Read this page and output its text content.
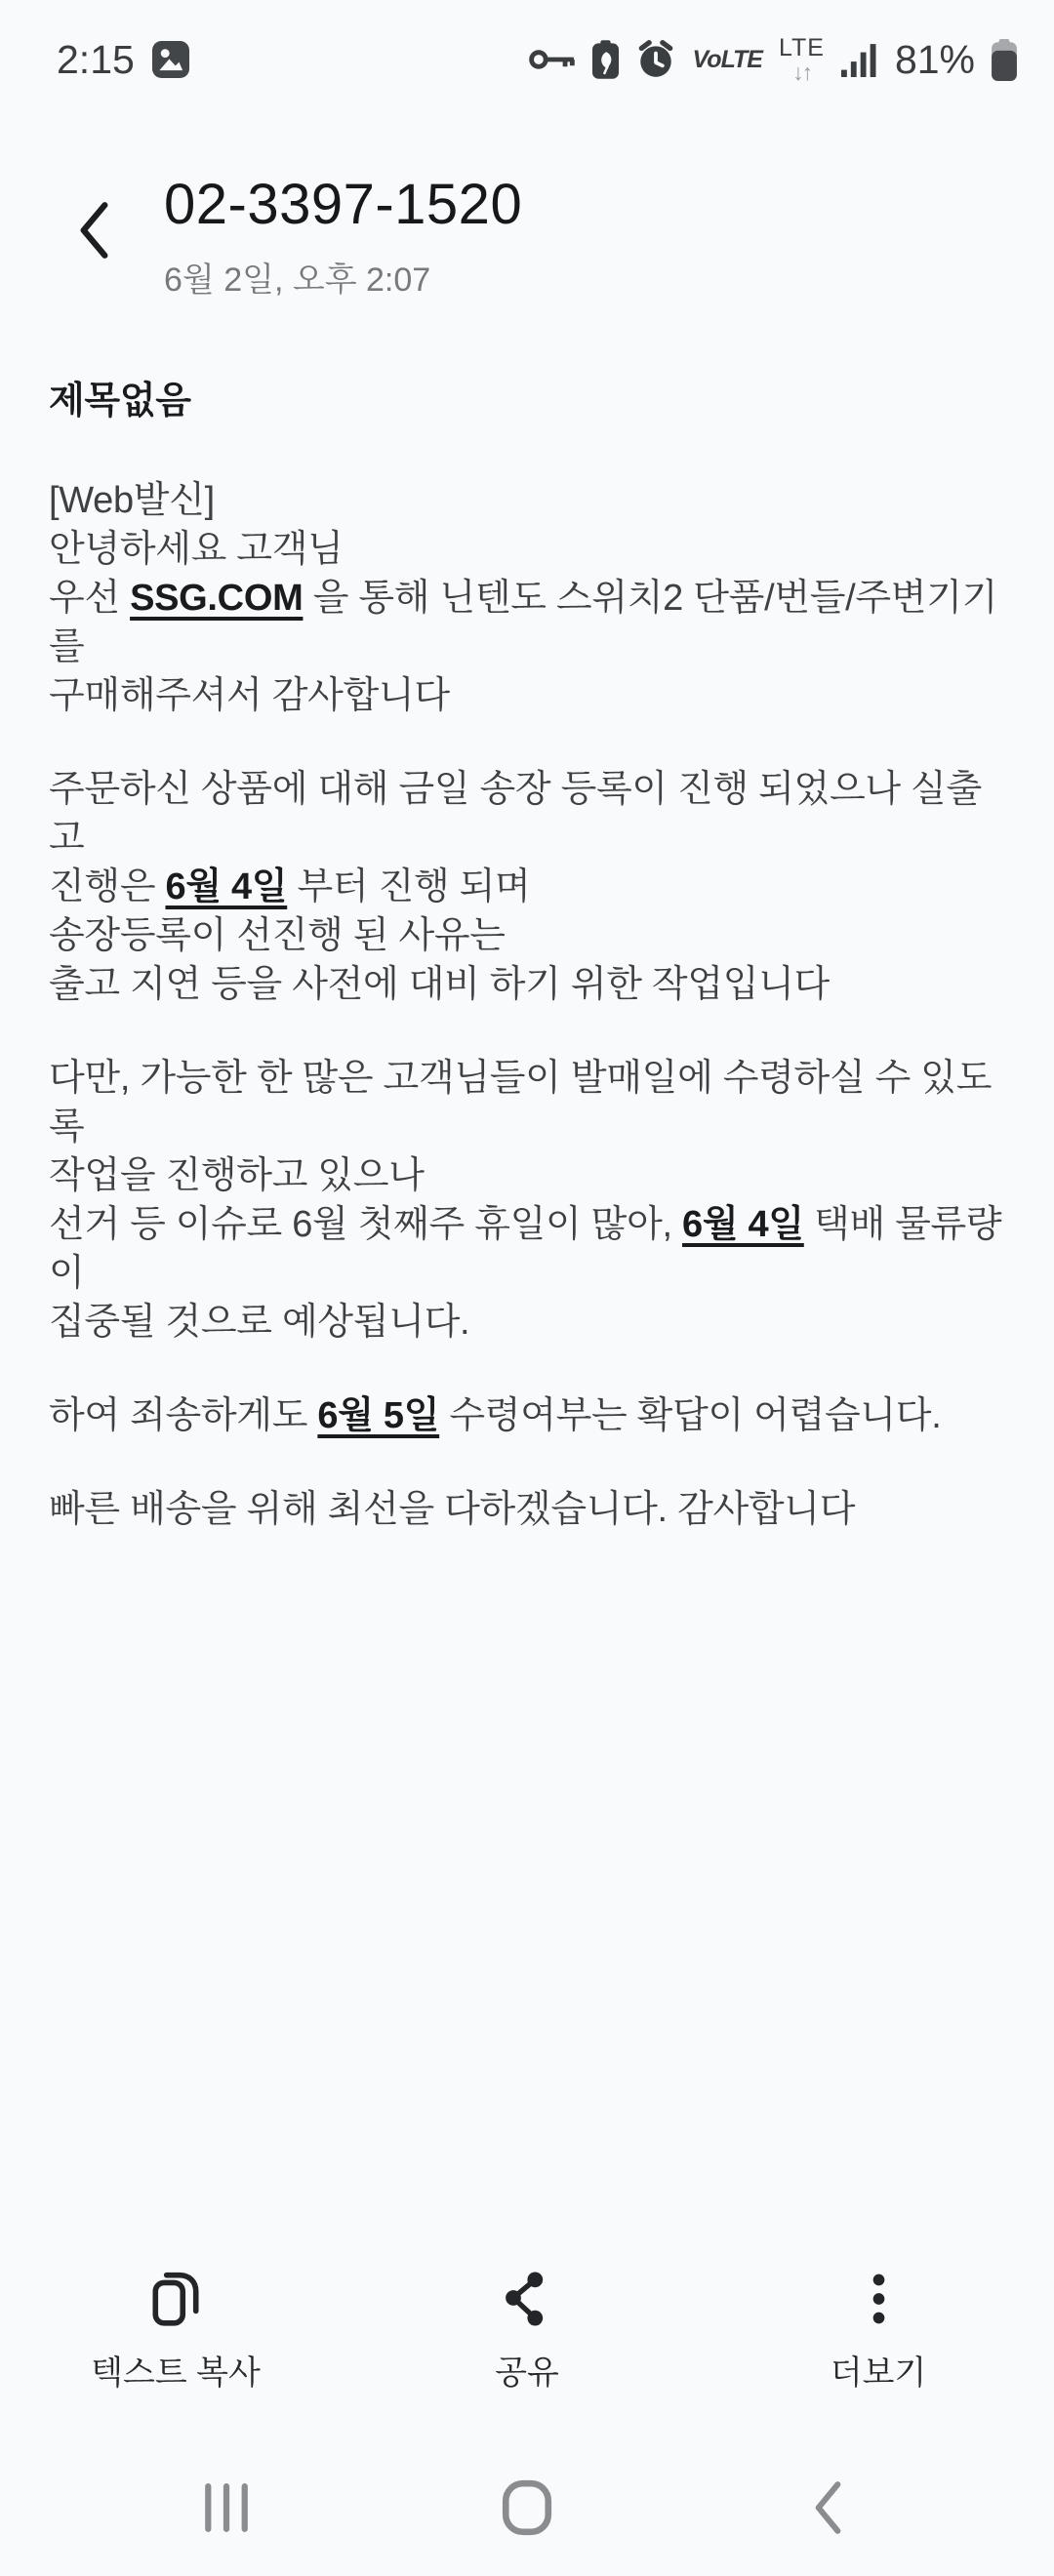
2:15	VoLTE LTE
↓↑ 81%
02-3397-1520
6월 2일, 오후 2:07
제목없음
[Web발신]
안녕하세요 고객님
우선 SSG.COM 을 통해 닌텐도 스위치2 단품/번들/주변기기 를
구매해주셔서 감사합니다
주문하신 상품에 대해 금일 송장 등록이 진행 되었으나 실출고
진행은 6월 4일 부터 진행 되며
송장등록이 선진행 된 사유는
출고 지연 등을 사전에 대비 하기 위한 작업입니다
다만, 가능한 한 많은 고객님들이 발매일에 수령하실 수 있도록
작업을 진행하고 있으나
선거 등 이슈로 6월 첫째주 휴일이 많아, 6월 4일 택배 물류량이
집중될 것으로 예상됩니다.
하여 죄송하게도 6월 5일 수령여부는 확답이 어렵습니다.
빠른 배송을 위해 최선을 다하겠습니다. 감사합니다
텍스트 복사	공유	더보기
